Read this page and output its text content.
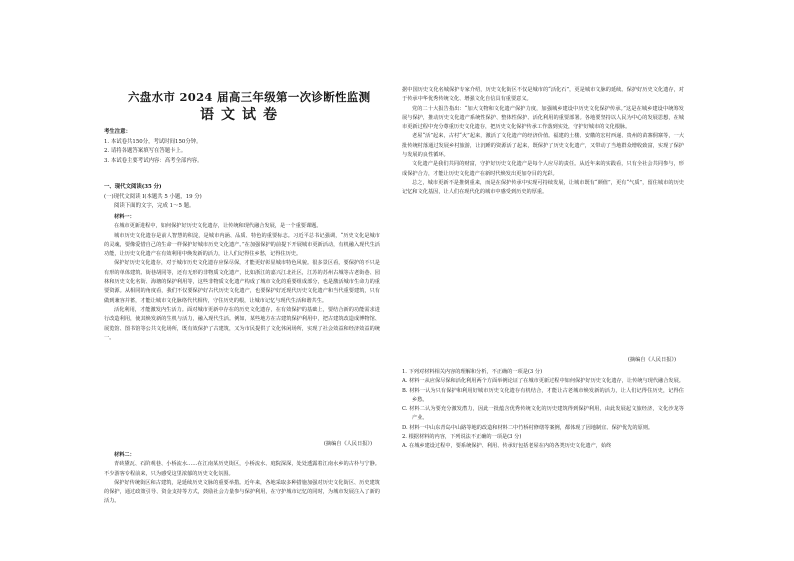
六盘水市 2024 届高三年级第一次诊断性监测
语文试卷
考生注意：
1. 本试卷共150分，考试时间150分钟。
2. 请将各题答案填写在答题卡上。
3. 本试卷主要考试内容：高考全部内容。
一、现代文阅读(35 分)
(一)现代文阅读 I(本题共 5 小题，19 分)
阅读下面的文字，完成 1～5 题。
材料一：
在城市更新进程中，如何保护好历史文化遗存，让传统和现代融合发展，是一个重要课题。
城市历史文化遗存是前人智慧的积淀，是城市内涵、品质、特色的重要标志。习近平总书记强调，“历史文化是城市的灵魂，要像爱惜自己的生命一样保护好城市历史文化遗产。”在加强保护的前提下开展城市更新活动，有机融入现代生活功能，让历史文化遗产在有效利用中焕发新的活力，让人们记得住乡愁，记得住历史。
保护好历史文化遗存，对于城市历史文化遗存应保尽保，才能更好彰显城市特色风貌。很多景区看，要保护的不只是有形的单体建筑、街巷胡同等，还有无形的非物质文化遗产，比如浙江的嘉兴江北社区，江苏的苏州古城等古老街巷、园林和历史文化名街、海塘的保护利用等，这些非物质文化遗产构成了城市文化的重要组成部分，也是激活城市生命力的重要资源。从相同的角度看，我们不仅要保护好古代历史文化遗产，也要保护好近现代历史文化遗产和当代重要建筑，只有做到兼容并蓄，才能让城市文化脉络代代相传，守住历史的根，让城市记忆与现代生活和谐共生。
活化利用，才能激发内生活力。面对城市更新中存在的历史文化遗存，在有效保护的基础上，要结合新的功能需求进行改造利用，使其焕发新的生机与活力，融入现代生活。例如，某些地方在古建筑保护利用中，把古建筑改造成博物馆、展览馆、图书馆等公共文化场所，既有效保护了古建筑，又为市民提供了文化休闲场所，实现了社会效益和经济效益的统一。
(摘编自《人民日报》)
材料二：
青砖黛瓦、石阶观巷、小桥流水……在江南某历史街区，小桥流水、庭院深深，处处透露着江南水乡的古朴与宁静。不少游客专程前来，只为感受这里浓郁的历史文化氛围。
保护好传统街区和古建筑，是延续历史文脉的重要举措。近年来，各地采取多种措施加强对历史文化街区、历史建筑的保护，通过政策引导、资金支持等方式，鼓励社会力量参与保护利用，在守护城市记忆的同时，为城市发展注入了新的活力。
据中国历史文化名城保护专家介绍，历史文化街区不仅是城市的“活化石”，更是城市文脉的延续。保护好历史文化遗存，对于传承中华优秀传统文化、增强文化自信具有重要意义。
党的二十大报告指出：“加大文物和文化遗产保护力度，加强城乡建设中历史文化保护传承。”这是在城乡建设中统筹发展与保护，推动历史文化遗产系统性保护、整体性保护、活化利用的重要部署。各地要坚持以人民为中心的发展思想，在城市更新过程中充分尊重历史文化遗存，把历史文化保护传承工作落到实处，守护好城市的文化根脉。
老屋“活”起来，古村“火”起来，激活了文化遗产的经济价值。福建的土楼、安徽的宏村西递、贵州的苗寨侗寨等，一大批传统村落通过发展乡村旅游，让沉睡的资源活了起来，既保护了历史文化遗产，又带动了当地群众增收致富，实现了保护与发展的良性循环。
文化遗产是我们共同的财富，守护好历史文化遗产是每个人应尽的责任。从近年来的实践看，只有全社会共同参与，形成保护合力，才能让历史文化遗产在新时代焕发出更加夺目的光彩。
总之，城市更新不是推倒重来，而是在保护传承中实现可持续发展，让城市既有“颜值”，更有“气质”，留住城市的历史记忆和文化基因，让人们在现代化的城市中感受到历史的厚重。
(摘编自《人民日报》)
1. 下列对材料相关内容的理解和分析，不正确的一项是(3 分)
A. 材料一从应保尽保和活化利用两个方面举例论证了在城市更新过程中如何保护好历史文化遗存，让传统与现代融合发展。
B. 材料一认为只有保护和利用好城市历史文化遗存有机结合，才能让古老城市焕发新的活力，让人们记得住历史，记得住乡愁。
C. 材料二认为要充分激发潜力，因此一批蕴含优秀传统文化的历史建筑得到保护利用，由此发展起文旅经济，文化沙龙等产业。
D. 材料一中山东青岛中山路等地的改造和材料二中竹桥村修缮等案例，都体现了因地制宜、保护优先的原则。
2. 根据材料的内容，下列说法不正确的一项是(3 分)
A. 在城乡建设过程中，要系统保护、利用、传承好包括老屋在内的各类历史文化遗产，始终
